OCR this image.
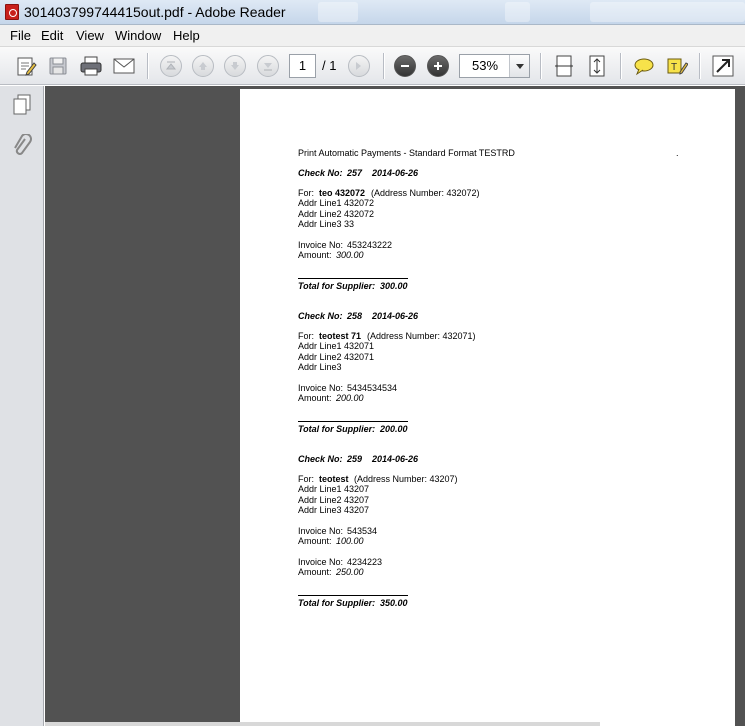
301403799744415out.pdf - Adobe Reader
File Edit View Window Help
T
1	/ 1	53%
Print Automatic Payments - Standard Format TESTRD	.
Check No: 257 2014-06-26
For: teo 432072 (Address Number: 432072)
Addr Line1 432072
Addr Line2 432072
Addr Line3 33
Invoice No: 453243222
Amount: 300.00
Total for Supplier: 300.00
Check No: 258 2014-06-26
For: teotest 71 (Address Number: 432071)
Addr Line1 432071
Addr Line2 432071
Addr Line3
Invoice No: 5434534534
Amount: 200.00
Total for Supplier: 200.00
Check No: 259 2014-06-26
For: teotest (Address Number: 43207)
Addr Line1 43207
Addr Line2 43207
Addr Line3 43207
Invoice No: 543534
Amount: 100.00
Invoice No: 4234223
Amount: 250.00
Total for Supplier: 350.00
